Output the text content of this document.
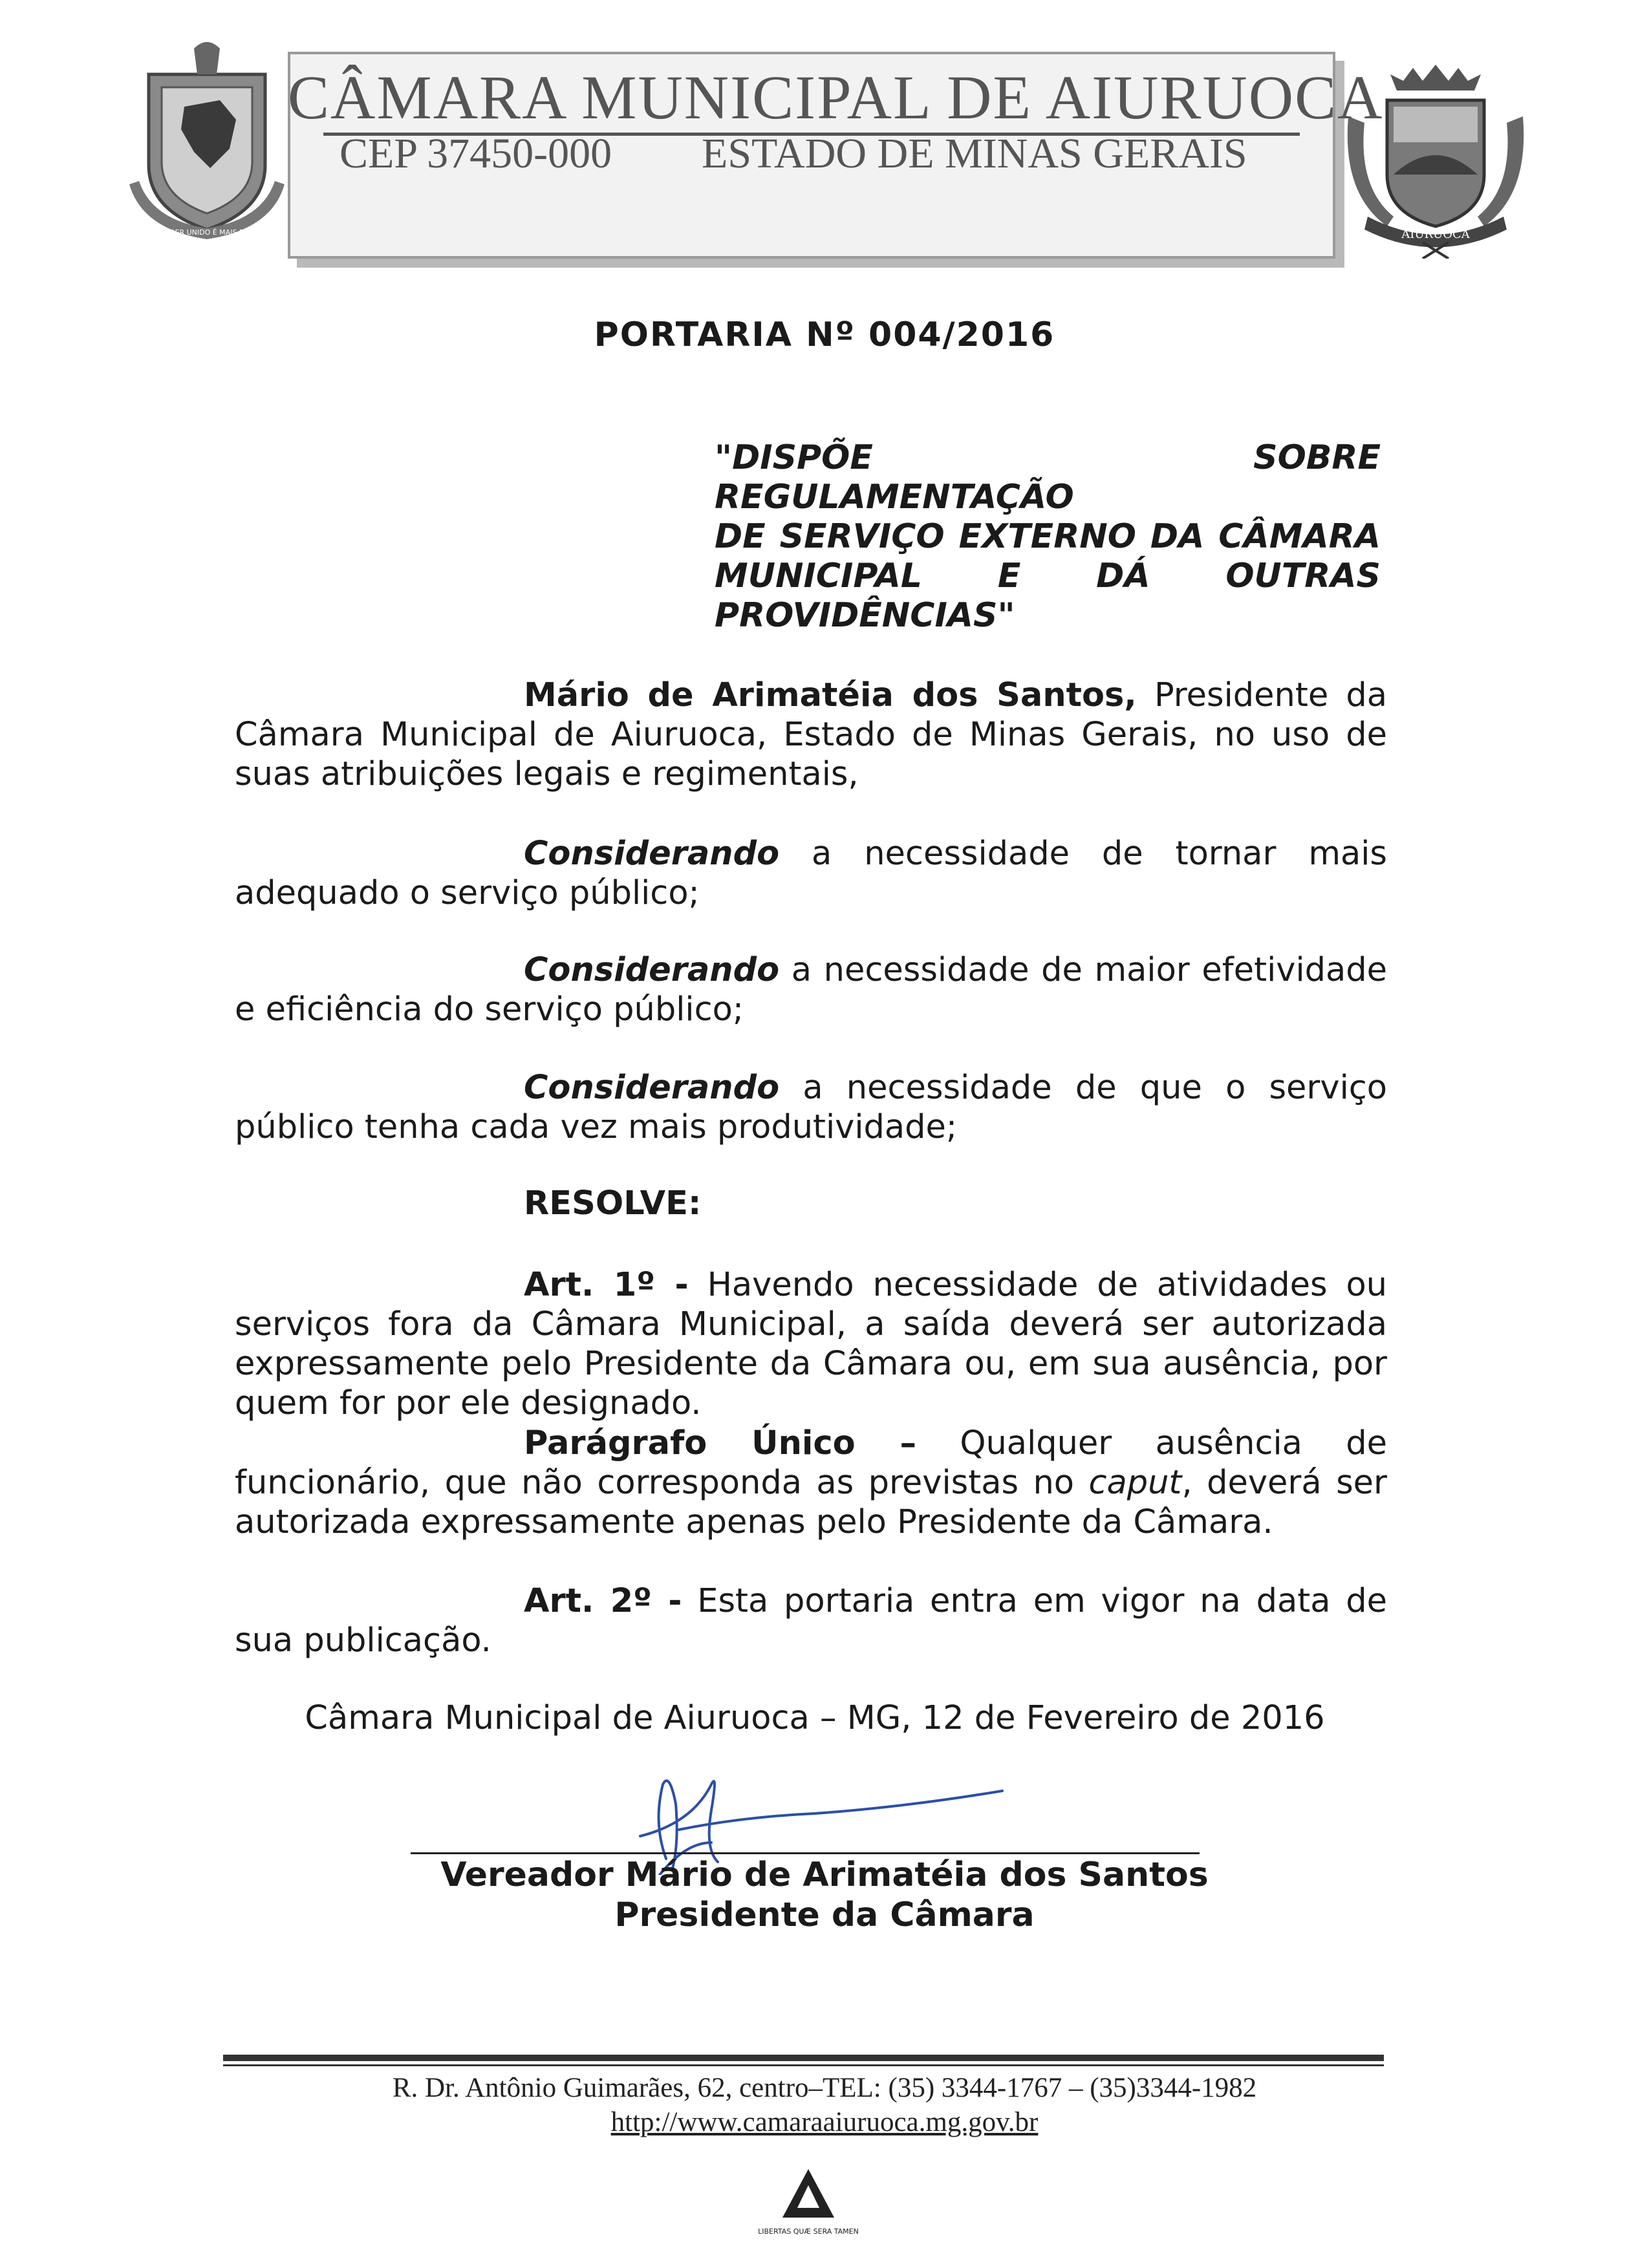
O PODER UNIDO É MAIS FORTE	AIURUOCA
CÂMARA MUNICIPAL DE AIURUOCA
CEP 37450-000 ESTADO DE MINAS GERAIS
PORTARIA Nº 004/2016
"DISPÕE SOBRE REGULAMENTAÇÃO
DE SERVIÇO EXTERNO DA CÂMARA
MUNICIPAL E DÁ OUTRAS
PROVIDÊNCIAS"

Mário de Arimatéia dos Santos, Presidente da Câmara Municipal de Aiuruoca, Estado de Minas Gerais, no uso de suas atribuições legais e regimentais,

Considerando a necessidade de tornar mais adequado o serviço público;

Considerando a necessidade de maior efetividade e eficiência do serviço público;

Considerando a necessidade de que o serviço público tenha cada vez mais produtividade;

RESOLVE:

Art. 1º - Havendo necessidade de atividades ou serviços fora da Câmara Municipal, a saída deverá ser autorizada expressamente pelo Presidente da Câmara ou, em sua ausência, por quem for por ele designado.

Parágrafo Único – Qualquer ausência de funcionário, que não corresponda as previstas no caput, deverá ser autorizada expressamente apenas pelo Presidente da Câmara.

Art. 2º - Esta portaria entra em vigor na data de sua publicação.

Câmara Municipal de Aiuruoca – MG, 12 de Fevereiro de 2016
Vereador Mário de Arimatéia dos Santos
Presidente da Câmara
R. Dr. Antônio Guimarães, 62, centro–TEL: (35) 3344-1767 – (35)3344-1982
http://www.camaraaiuruoca.mg.gov.br
LIBERTAS QUÆ SERA TAMEN
